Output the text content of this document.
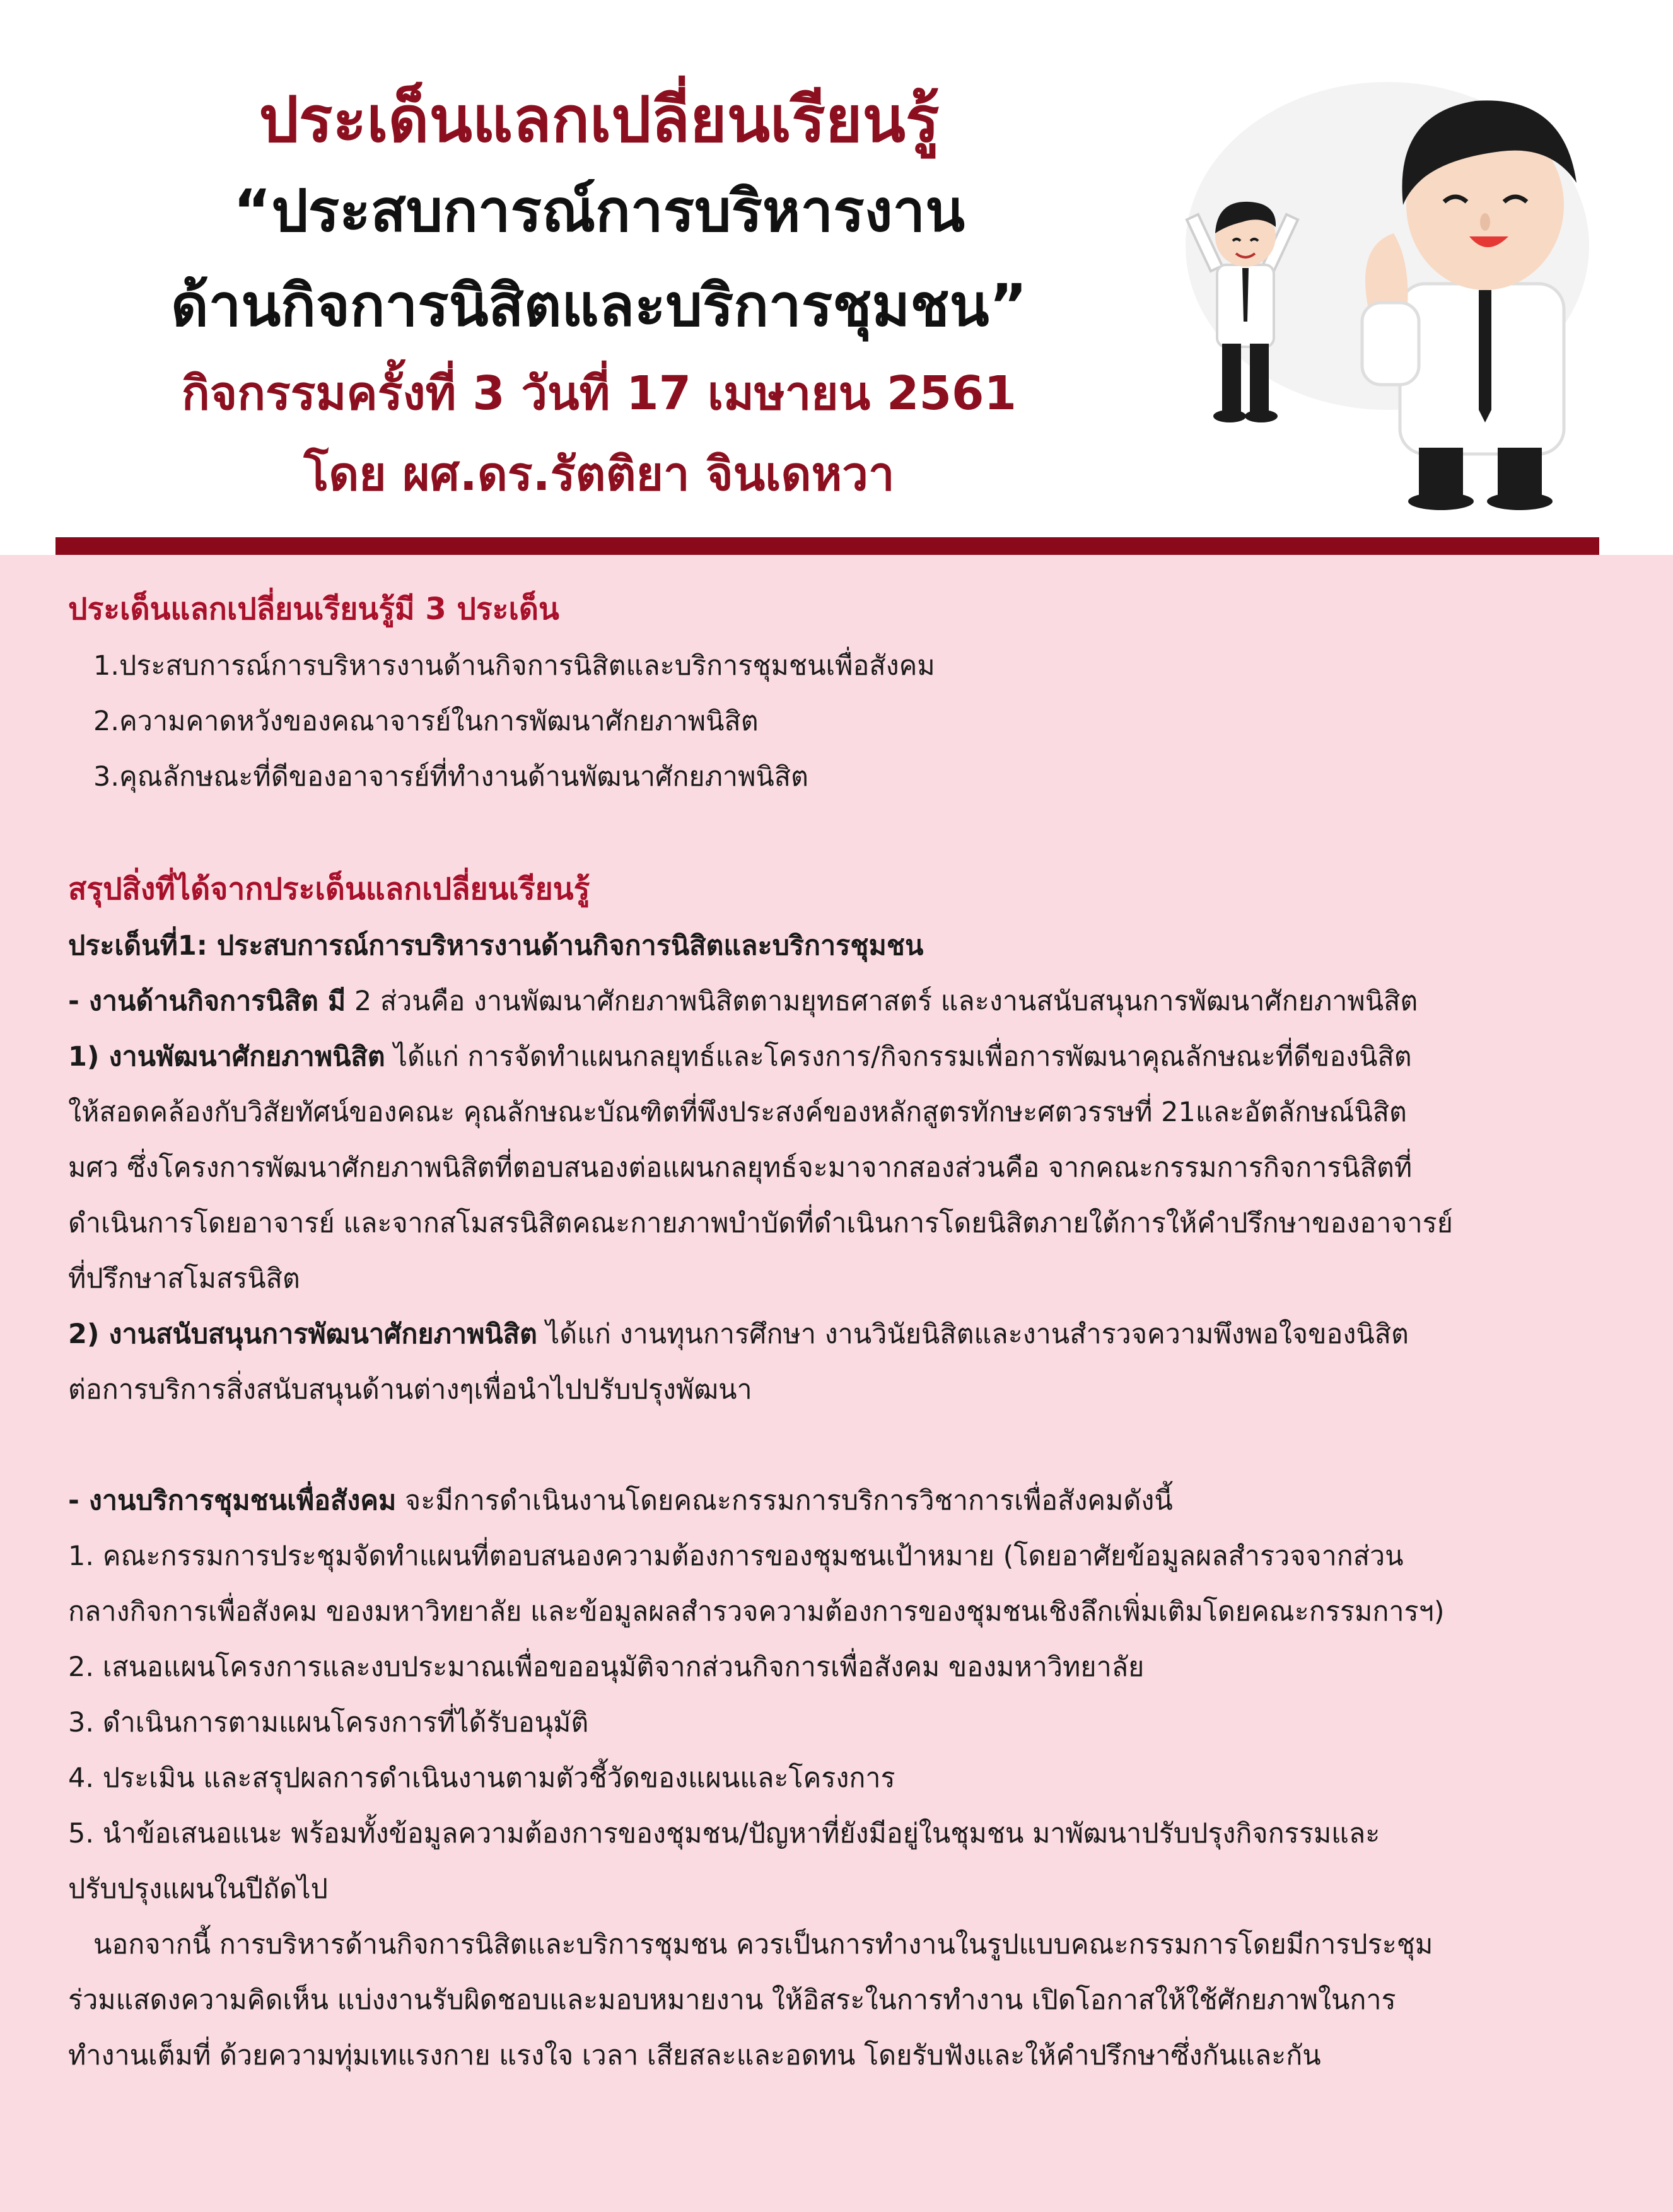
ประเด็นแลกเปลี่ยนเรียนรู้

“ประสบการณ์การบริหารงาน

ด้านกิจการนิสิตและบริการชุมชน”

กิจกรรมครั้งที่ 3 วันที่ 17 เมษายน 2561

โดย ผศ.ดร.รัตติยา จินเดหวา

ประเด็นแลกเปลี่ยนเรียนรู้มี 3 ประเด็น
1.ประสบการณ์การบริหารงานด้านกิจการนิสิตและบริการชุมชนเพื่อสังคม
2.ความคาดหวังของคณาจารย์ในการพัฒนาศักยภาพนิสิต
3.คุณลักษณะที่ดีของอาจารย์ที่ทำงานด้านพัฒนาศักยภาพนิสิต
สรุปสิ่งที่ได้จากประเด็นแลกเปลี่ยนเรียนรู้
ประเด็นที่1: ประสบการณ์การบริหารงานด้านกิจการนิสิตและบริการชุมชน
- งานด้านกิจการนิสิต มี 2 ส่วนคือ งานพัฒนาศักยภาพนิสิตตามยุทธศาสตร์ และงานสนับสนุนการพัฒนาศักยภาพนิสิต
1) งานพัฒนาศักยภาพนิสิต ได้แก่ การจัดทำแผนกลยุทธ์และโครงการ/กิจกรรมเพื่อการพัฒนาคุณลักษณะที่ดีของนิสิต
ให้สอดคล้องกับวิสัยทัศน์ของคณะ คุณลักษณะบัณฑิตที่พึงประสงค์ของหลักสูตรทักษะศตวรรษที่ 21และอัตลักษณ์นิสิต
มศว ซึ่งโครงการพัฒนาศักยภาพนิสิตที่ตอบสนองต่อแผนกลยุทธ์จะมาจากสองส่วนคือ จากคณะกรรมการกิจการนิสิตที่
ดำเนินการโดยอาจารย์ และจากสโมสรนิสิตคณะกายภาพบำบัดที่ดำเนินการโดยนิสิตภายใต้การให้คำปรึกษาของอาจารย์
ที่ปรึกษาสโมสรนิสิต
2) งานสนับสนุนการพัฒนาศักยภาพนิสิต ได้แก่ งานทุนการศึกษา งานวินัยนิสิตและงานสำรวจความพึงพอใจของนิสิต
ต่อการบริการสิ่งสนับสนุนด้านต่างๆเพื่อนำไปปรับปรุงพัฒนา
- งานบริการชุมชนเพื่อสังคม จะมีการดำเนินงานโดยคณะกรรมการบริการวิชาการเพื่อสังคมดังนี้
1. คณะกรรมการประชุมจัดทำแผนที่ตอบสนองความต้องการของชุมชนเป้าหมาย (โดยอาศัยข้อมูลผลสำรวจจากส่วน
กลางกิจการเพื่อสังคม ของมหาวิทยาลัย และข้อมูลผลสำรวจความต้องการของชุมชนเชิงลึกเพิ่มเติมโดยคณะกรรมการฯ)
2. เสนอแผนโครงการและงบประมาณเพื่อขออนุมัติจากส่วนกิจการเพื่อสังคม ของมหาวิทยาลัย
3. ดำเนินการตามแผนโครงการที่ได้รับอนุมัติ
4. ประเมิน และสรุปผลการดำเนินงานตามตัวชี้วัดของแผนและโครงการ
5. นำข้อเสนอแนะ พร้อมทั้งข้อมูลความต้องการของชุมชน/ปัญหาที่ยังมีอยู่ในชุมชน มาพัฒนาปรับปรุงกิจกรรมและ
ปรับปรุงแผนในปีถัดไป
นอกจากนี้ การบริหารด้านกิจการนิสิตและบริการชุมชน ควรเป็นการทำงานในรูปแบบคณะกรรมการโดยมีการประชุม
ร่วมแสดงความคิดเห็น แบ่งงานรับผิดชอบและมอบหมายงาน ให้อิสระในการทำงาน เปิดโอกาสให้ใช้ศักยภาพในการ
ทำงานเต็มที่ ด้วยความทุ่มเทแรงกาย แรงใจ เวลา เสียสละและอดทน โดยรับฟังและให้คำปรึกษาซึ่งกันและกัน
